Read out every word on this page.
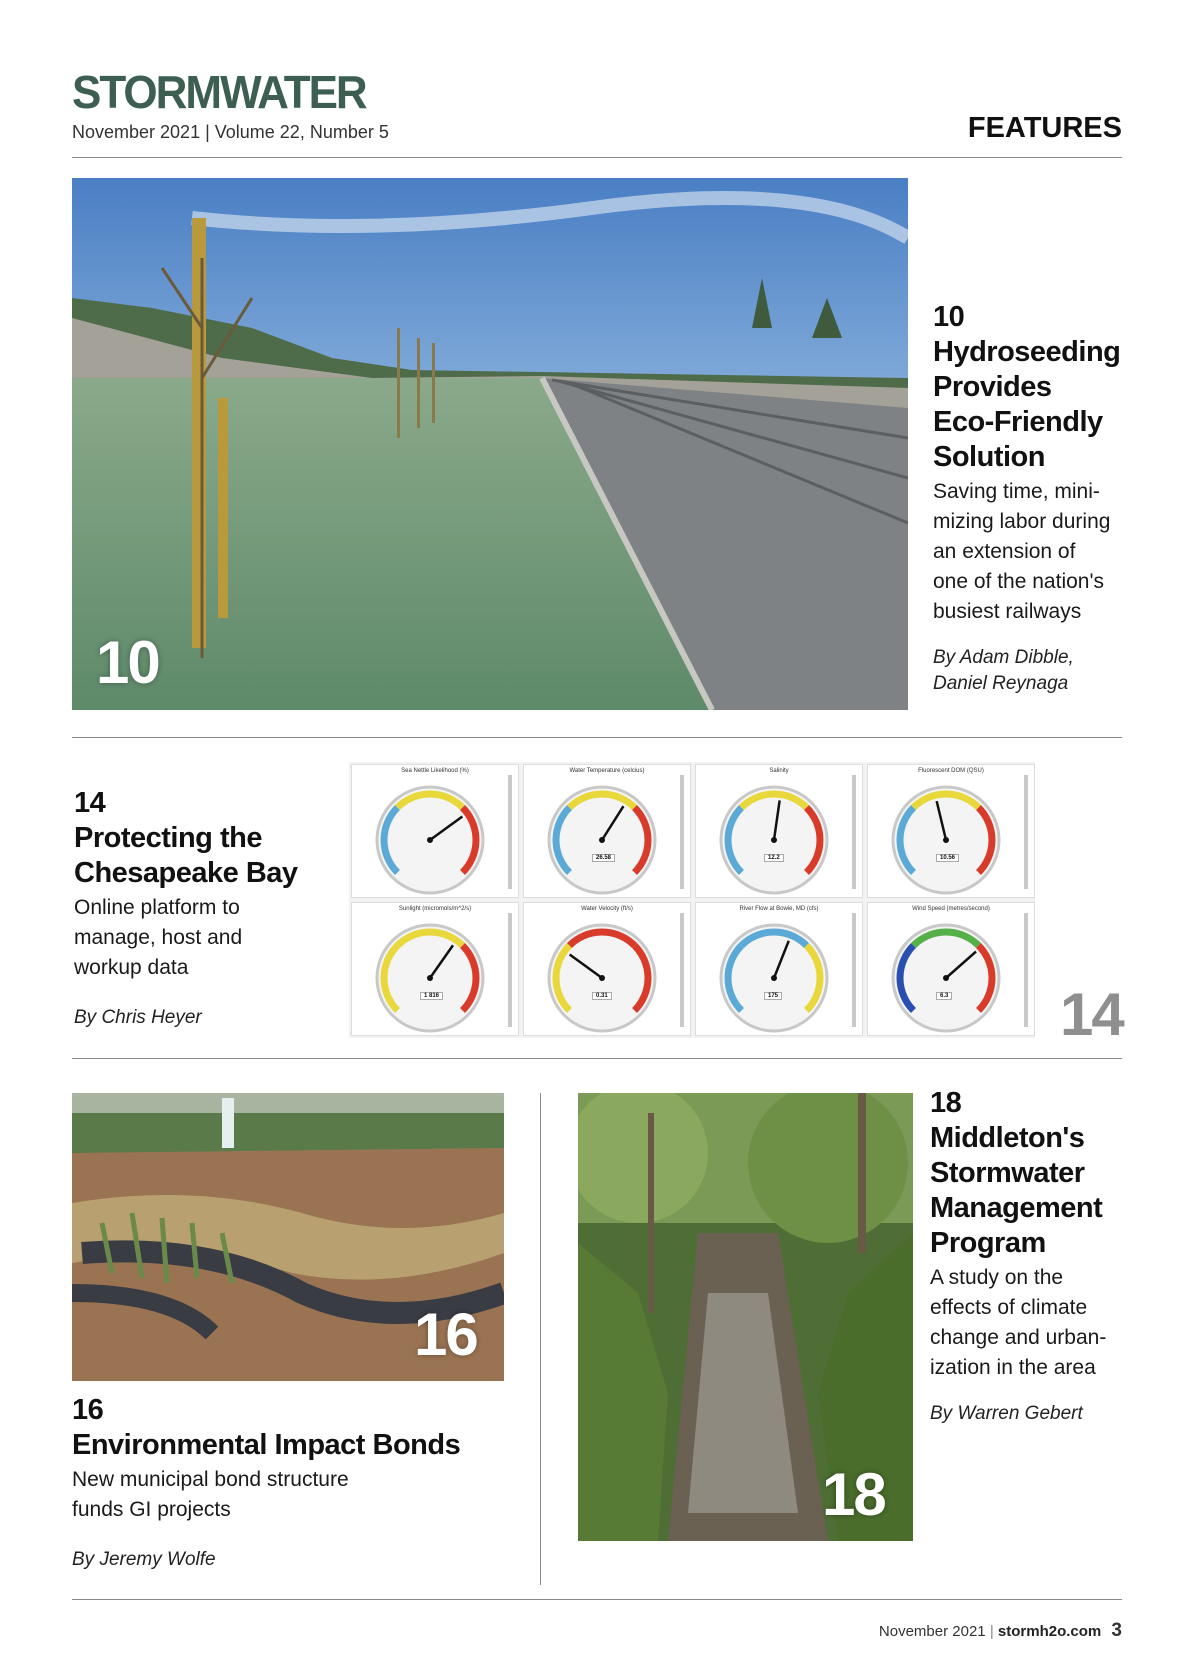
STORMWATER
November 2021 | Volume 22, Number 5	FEATURES
10
10
Hydroseeding
Provides
Eco-Friendly
Solution
Saving time, mini-
mizing labor during
an extension of
one of the nation's
busiest railways
By Adam Dibble,
Daniel Reynaga
14
Protecting the
Chesapeake Bay
Online platform to
manage, host and
workup data
By Chris Heyer
Sea Nettle Likelihood (%)	Water Temperature (celcius)
26.58
Salinity
12.2
Fluorescent DOM (QSU)
10.56
Sunlight (micromols/m^2/s)
1 816
Water Velocity (ft/s)
0.31
River Flow at Bowie, MD (cfs)
175
Wind Speed (metres/second)
6.3 14
16
16
Environmental Impact Bonds
New municipal bond structure
funds GI projects
By Jeremy Wolfe
18
18
Middleton's
Stormwater
Management
Program
A study on the
effects of climate
change and urban-
ization in the area
By Warren Gebert
November 2021 | stormh2o.com 3
